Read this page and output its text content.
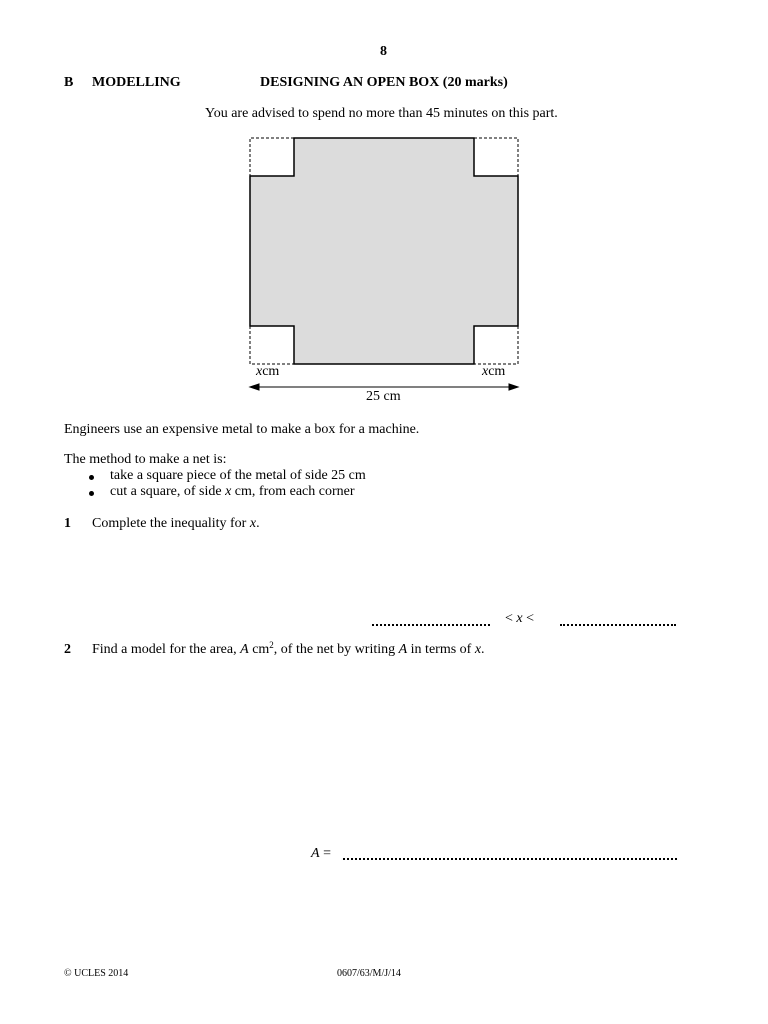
8
B MODELLING	DESIGNING AN OPEN BOX (20 marks)
You are advised to spend no more than 45 minutes on this part.
xcm	xcm
25 cm
Engineers use an expensive metal to make a box for a machine.
The method to make a net is:
take a square piece of the metal of side 25 cm
cut a square, of side x cm, from each corner
1 Complete the inequality for x.
< x <
2 Find a model for the area, A $cm^2$, of the net by writing A in terms of x.
A =
© UCLES 2014	0607/63/M/J/14
